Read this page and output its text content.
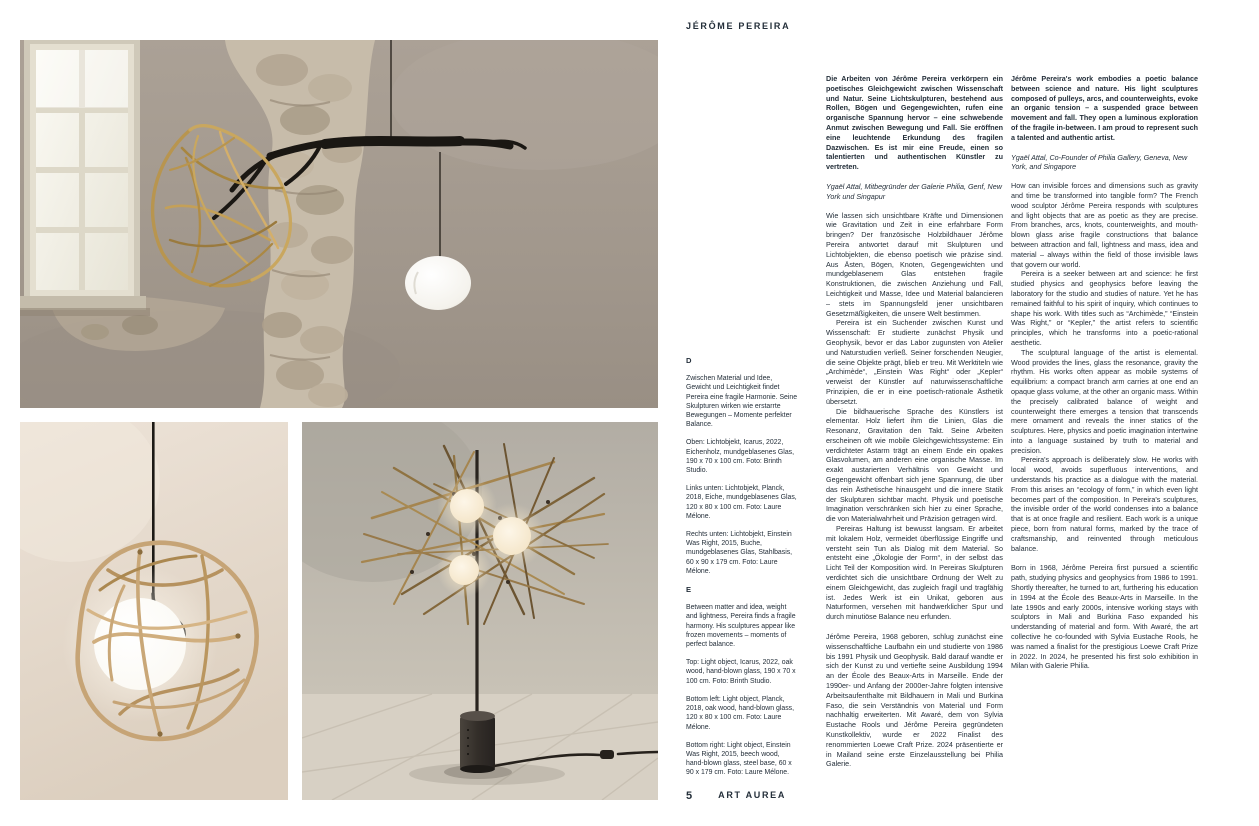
JÉRÔME PEREIRA

D

Zwischen Material und Idee, Gewicht und Leichtigkeit findet Pereira eine fragile Harmonie. Seine Skulpturen wirken wie erstarrte Bewegungen – Momente perfekter Balance.

Oben: Lichtobjekt, Icarus, 2022, Eichenholz, mundgeblasenes Glas, 190 x 70 x 100 cm. Foto: Brinth Studio.

Links unten: Lichtobjekt, Planck, 2018, Eiche, mundgeblasenes Glas, 120 x 80 x 100 cm. Foto: Laure Mélone.

Rechts unten: Lichtobjekt, Einstein Was Right, 2015, Buche, mundgeblasenes Glas, Stahlbasis, 60 x 90 x 179 cm. Foto: Laure Mélone.

E

Between matter and idea, weight and lightness, Pereira finds a fragile harmony. His sculptures appear like frozen movements – moments of perfect balance.

Top: Light object, Icarus, 2022, oak wood, hand-blown glass, 190 x 70 x 100 cm. Foto: Brinth Studio.

Bottom left: Light object, Planck, 2018, oak wood, hand-blown glass, 120 x 80 x 100 cm. Foto: Laure Mélone.

Bottom right: Light object, Einstein Was Right, 2015, beech wood, hand-blown glass, steel base, 60 x 90 x 179 cm. Foto: Laure Mélone.

Die Arbeiten von Jérôme Pereira verkörpern ein poetisches Gleichgewicht zwischen Wissenschaft und Natur. Seine Lichtskulpturen, bestehend aus Rollen, Bögen und Gegengewichten, rufen eine organische Spannung hervor – eine schwebende Anmut zwischen Bewegung und Fall. Sie eröffnen eine leuchtende Erkundung des fragilen Dazwischen. Es ist mir eine Freude, einen so talentierten und authentischen Künstler zu vertreten.

Ygaël Attal, Mitbegründer der Galerie Philia, Genf, New York und Singapur

Wie lassen sich unsichtbare Kräfte und Dimensionen wie Gravitation und Zeit in eine erfahrbare Form bringen? Der französische Holzbildhauer Jérôme Pereira antwortet darauf mit Skulpturen und Lichtobjekten, die ebenso poetisch wie präzise sind. Aus Ästen, Bögen, Knoten, Gegengewichten und mundgeblasenem Glas entstehen fragile Konstruktionen, die zwischen Anziehung und Fall, Leichtigkeit und Masse, Idee und Material balancieren – stets im Spannungsfeld jener unsichtbaren Gesetzmäßigkeiten, die unsere Welt bestimmen.

Pereira ist ein Suchender zwischen Kunst und Wissenschaft: Er studierte zunächst Physik und Geophysik, bevor er das Labor zugunsten von Atelier und Naturstudien verließ. Seiner forschenden Neugier, die seine Objekte prägt, blieb er treu. Mit Werktiteln wie „Archimède“, „Einstein Was Right“ oder „Kepler“ verweist der Künstler auf naturwissenschaftliche Prinzipien, die er in eine poetisch-rationale Ästhetik übersetzt.

Die bildhauerische Sprache des Künstlers ist elementar. Holz liefert ihm die Linien, Glas die Resonanz, Gravitation den Takt. Seine Arbeiten erscheinen oft wie mobile Gleichgewichtssysteme: Ein verdichteter Astarm trägt an einem Ende ein opakes Glasvolumen, am anderen eine organische Masse. Im exakt austarierten Verhältnis von Gewicht und Gegengewicht offenbart sich jene Spannung, die über das rein Ästhetische hinausgeht und die innere Statik der Skulpturen sichtbar macht. Physik und poetische Imagination verschränken sich hier zu einer Sprache, die von Materialwahrheit und Präzision getragen wird.

Pereiras Haltung ist bewusst langsam. Er arbeitet mit lokalem Holz, vermeidet überflüssige Eingriffe und versteht sein Tun als Dialog mit dem Material. So entsteht eine „Ökologie der Form“, in der selbst das Licht Teil der Komposition wird. In Pereiras Skulpturen verdichtet sich die unsichtbare Ordnung der Welt zu einem Gleichgewicht, das zugleich fragil und tragfähig ist. Jedes Werk ist ein Unikat, geboren aus Naturformen, versehen mit handwerklicher Spur und durch minutiöse Balance neu erfunden.

Jérôme Pereira, 1968 geboren, schlug zunächst eine wissenschaftliche Laufbahn ein und studierte von 1986 bis 1991 Physik und Geophysik. Bald darauf wandte er sich der Kunst zu und vertiefte seine Ausbildung 1994 an der École des Beaux-Arts in Marseille. Ende der 1990er- und Anfang der 2000er-Jahre folgten intensive Arbeitsaufenthalte mit Bildhauern in Mali und Burkina Faso, die sein Verständnis von Material und Form nachhaltig erweiterten. Mit Awaré, dem von Sylvia Eustache Rools und Jérôme Pereira gegründeten Kunstkollektiv, wurde er 2022 Finalist des renommierten Loewe Craft Prize. 2024 präsentierte er in Mailand seine erste Einzelausstellung bei Philia Galerie.

Jérôme Pereira's work embodies a poetic balance between science and nature. His light sculptures composed of pulleys, arcs, and counterweights, evoke an organic tension – a suspended grace between movement and fall. They open a luminous exploration of the fragile in-between. I am proud to represent such a talented and authentic artist.

Ygaël Attal, Co-Founder of Philia Gallery, Geneva, New York, and Singapore

How can invisible forces and dimensions such as gravity and time be transformed into tangible form? The French wood sculptor Jérôme Pereira responds with sculptures and light objects that are as poetic as they are precise. From branches, arcs, knots, counterweights, and mouth-blown glass arise fragile constructions that balance between attraction and fall, lightness and mass, idea and material – always within the field of those invisible laws that govern our world.

Pereira is a seeker between art and science: he first studied physics and geophysics before leaving the laboratory for the studio and studies of nature. Yet he has remained faithful to his spirit of inquiry, which continues to shape his work. With titles such as “Archimède,” “Einstein Was Right,” or “Kepler,” the artist refers to scientific principles, which he transforms into a poetic-rational aesthetic.

The sculptural language of the artist is elemental. Wood provides the lines, glass the resonance, gravity the rhythm. His works often appear as mobile systems of equilibrium: a compact branch arm carries at one end an opaque glass volume, at the other an organic mass. Within the precisely calibrated balance of weight and counterweight there emerges a tension that transcends mere ornament and reveals the inner statics of the sculptures. Here, physics and poetic imagination intertwine into a language sustained by truth to material and precision.

Pereira's approach is deliberately slow. He works with local wood, avoids superfluous interventions, and understands his practice as a dialogue with the material. From this arises an “ecology of form,” in which even light becomes part of the composition. In Pereira's sculptures, the invisible order of the world condenses into a balance that is at once fragile and resilient. Each work is a unique piece, born from natural forms, marked by the trace of craftsmanship, and reinvented through meticulous balance.

Born in 1968, Jérôme Pereira first pursued a scientific path, studying physics and geophysics from 1986 to 1991. Shortly thereafter, he turned to art, furthering his education in 1994 at the École des Beaux-Arts in Marseille. In the late 1990s and early 2000s, intensive working stays with sculptors in Mali and Burkina Faso expanded his understanding of material and form. With Awaré, the art collective he co-founded with Sylvia Eustache Rools, he was named a finalist for the prestigious Loewe Craft Prize in 2022. In 2024, he presented his first solo exhibition in Milan with Galerie Philia.

5	ART AUREA
